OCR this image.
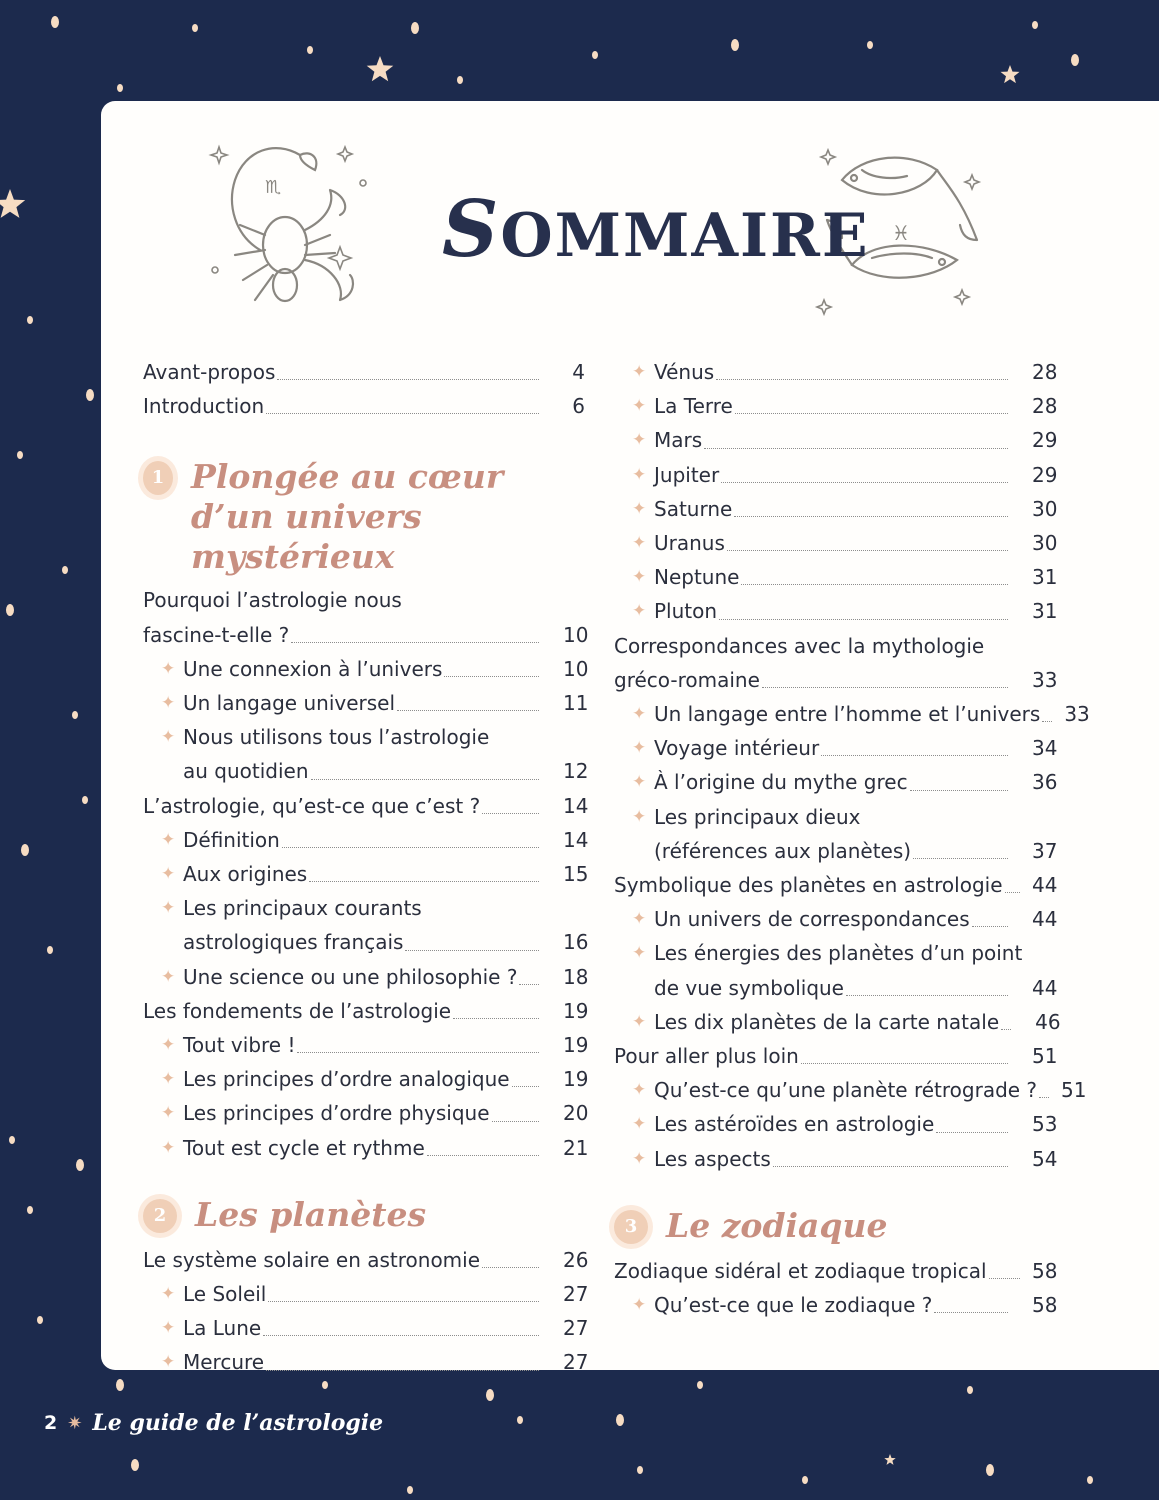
♏
♓
SOMMAIRE
Avant-propos	4
Introduction	6
1 Plongée au cœur
d’un univers mystérieux
Pourquoi l’astrologie nous
fascine-t-elle ?	10
✦ Une connexion à l’univers	10
✦ Un langage universel	11
✦ Nous utilisons tous l’astrologie
au quotidien	12
L’astrologie, qu’est-ce que c’est ?	14
✦ Définition	14
✦ Aux origines	15
✦ Les principaux courants
astrologiques français	16
✦ Une science ou une philosophie ? 18
Les fondements de l’astrologie	19
✦ Tout vibre !	19
✦ Les principes d’ordre analogique	19
✦ Les principes d’ordre physique	20
✦ Tout est cycle et rythme	21
2 Les planètes
Le système solaire en astronomie	26
✦ Le Soleil	27
✦ La Lune	27
✦ Mercure	27
✦ Vénus	28
✦ La Terre	28
✦ Mars	29
✦ Jupiter	29
✦ Saturne	30
✦ Uranus	30
✦ Neptune	31
✦ Pluton	31
Correspondances avec la mythologie
gréco-romaine	33
✦ Un langage entre l’homme et l’univers 33
✦ Voyage intérieur	34
✦ À l’origine du mythe grec	36
✦ Les principaux dieux
(références aux planètes)	37
Symbolique des planètes en astrologie 44
✦ Un univers de correspondances	44
✦ Les énergies des planètes d’un point
de vue symbolique	44
✦ Les dix planètes de la carte natale 46
Pour aller plus loin	51
✦ Qu’est-ce qu’une planète rétrograde ? 51
✦ Les astéroïdes en astrologie	53
✦ Les aspects	54
3 Le zodiaque
Zodiaque sidéral et zodiaque tropical 58
✦ Qu’est-ce que le zodiaque ?	58
2 ✷ Le guide de l’astrologie
